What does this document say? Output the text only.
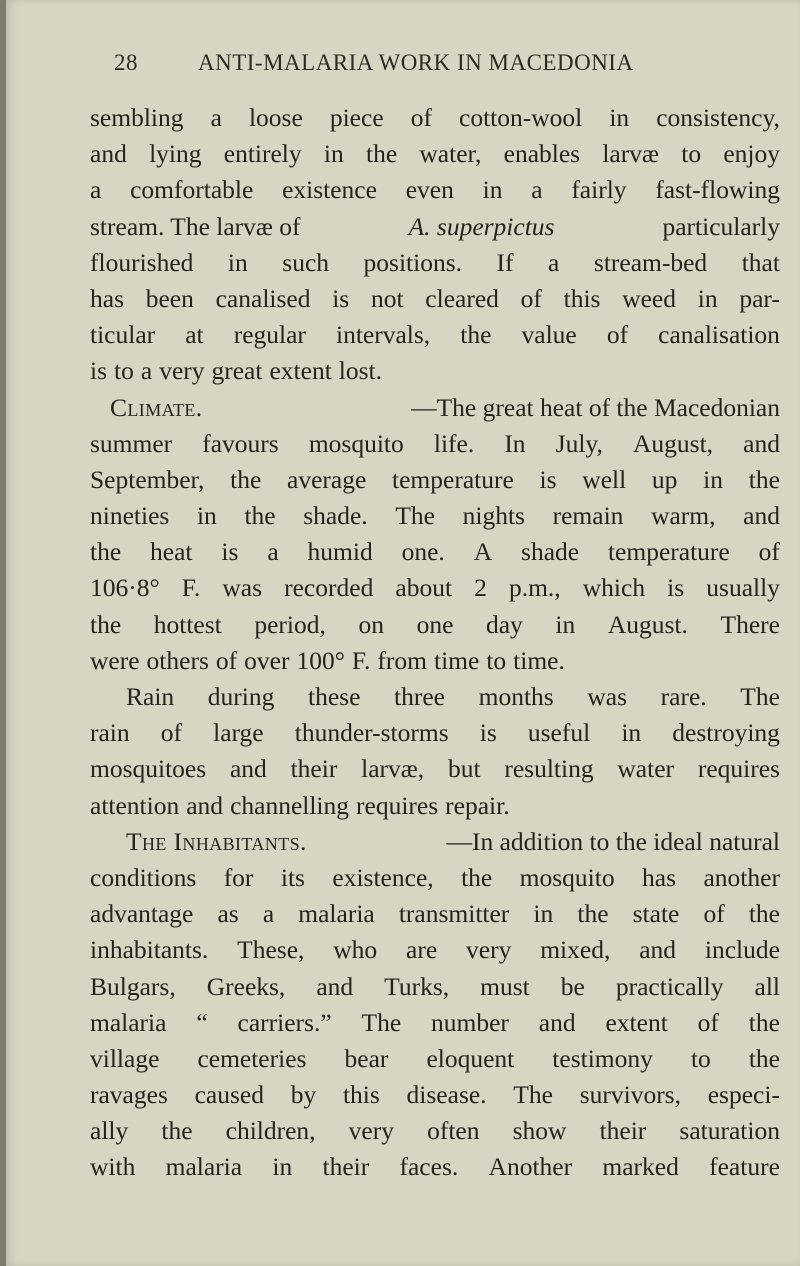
28	ANTI-MALARIA WORK IN MACEDONIA
sembling a loose piece of cotton-wool in consistency,
and lying entirely in the water, enables larvæ to enjoy
a comfortable existence even in a fairly fast-flowing
stream. The larvæ of	A. superpictus	particularly
flourished in such positions. If a stream-bed that
has been canalised is not cleared of this weed in par-
ticular at regular intervals, the value of canalisation
is to a very great extent lost.
Climate.	—The great heat of the Macedonian
summer favours mosquito life. In July, August, and
September, the average temperature is well up in the
nineties in the shade. The nights remain warm, and
the heat is a humid one. A shade temperature of
106·8° F. was recorded about 2 p.m., which is usually
the hottest period, on one day in August. There
were others of over 100° F. from time to time.
Rain during these three months was rare. The
rain of large thunder-storms is useful in destroying
mosquitoes and their larvæ, but resulting water requires
attention and channelling requires repair.
The Inhabitants.	—In addition to the ideal natural
conditions for its existence, the mosquito has another
advantage as a malaria transmitter in the state of the
inhabitants. These, who are very mixed, and include
Bulgars, Greeks, and Turks, must be practically all
malaria “ carriers.” The number and extent of the
village cemeteries bear eloquent testimony to the
ravages caused by this disease. The survivors, especi-
ally the children, very often show their saturation
with malaria in their faces. Another marked feature
